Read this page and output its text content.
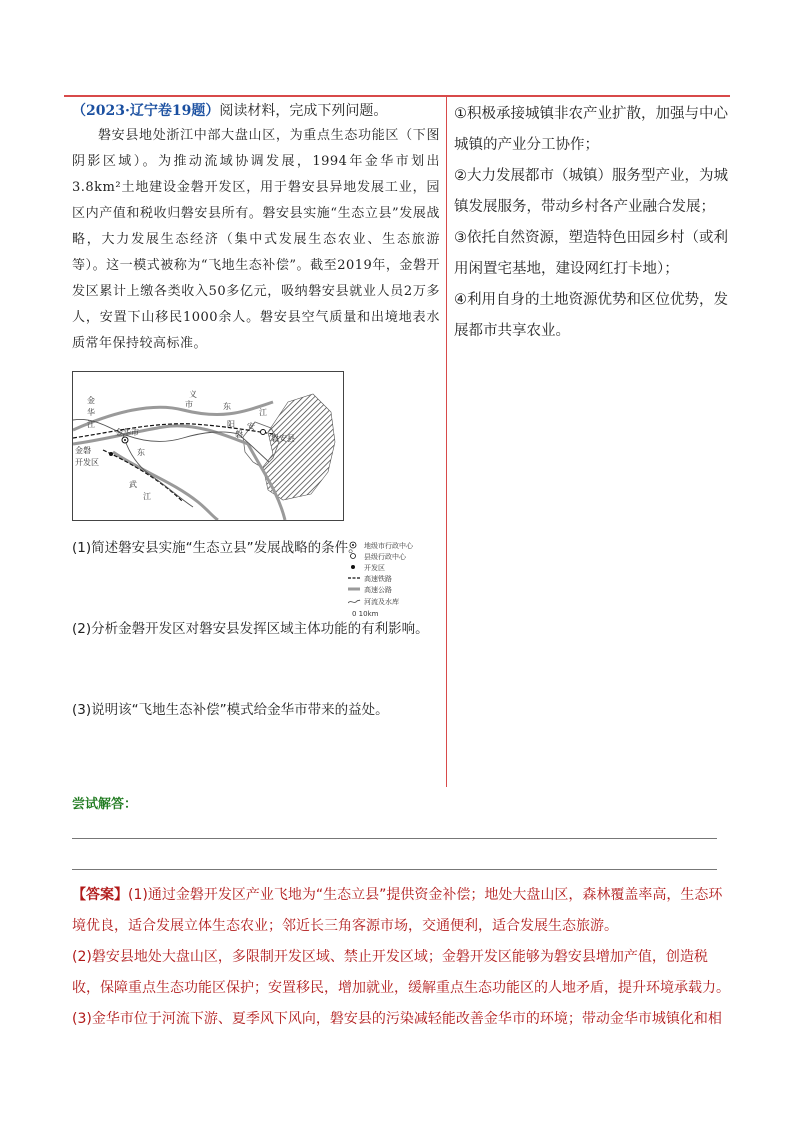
（2023·辽宁卷19题）阅读材料，完成下列问题。

磐安县地处浙江中部大盘山区，为重点生态功能区（下图阴影区域）。为推动流域协调发展，1994年金华市划出3.8km²土地建设金磐开发区，用于磐安县异地发展工业，园区内产值和税收归磐安县所有。磐安县实施“生态立县”发展战略，大力发展生态经济（集中式发展生态农业、生态旅游等）。这一模式被称为“飞地生态补偿”。截至2019年，金磐开发区累计上缴各类收入50多亿元，吸纳磐安县就业人员2万多人，安置下山移民1000余人。磐安县空气质量和出境地表水质常年保持较高标准。

金
华
江
金磐
开发区
金华市
东
武
江
东
阳
江
磐
安
磐安县
市
义
地级市行政中心
县级行政中心
开发区
高速铁路
高速公路
河流及水库
0 10km

(1)简述磐安县实施“生态立县”发展战略的条件。

(2)分析金磐开发区对磐安县发挥区域主体功能的有利影响。

(3)说明该“飞地生态补偿”模式给金华市带来的益处。

①积极承接城镇非农产业扩散，加强与中心城镇的产业分工协作；

②大力发展都市（城镇）服务型产业，为城镇发展服务，带动乡村各产业融合发展；

③依托自然资源，塑造特色田园乡村（或利用闲置宅基地，建设网红打卡地）；

④利用自身的土地资源优势和区位优势，发展都市共享农业。

尝试解答：

【答案】(1)通过金磐开发区产业飞地为“生态立县”提供资金补偿；地处大盘山区，森林覆盖率高，生态环境优良，适合发展立体生态农业；邻近长三角客源市场，交通便利，适合发展生态旅游。

(2)磐安县地处大盘山区，多限制开发区域、禁止开发区域；金磐开发区能够为磐安县增加产值，创造税收，保障重点生态功能区保护；安置移民，增加就业，缓解重点生态功能区的人地矛盾，提升环境承载力。

(3)金华市位于河流下游、夏季风下风向，磐安县的污染减轻能改善金华市的环境；带动金华市城镇化和相
